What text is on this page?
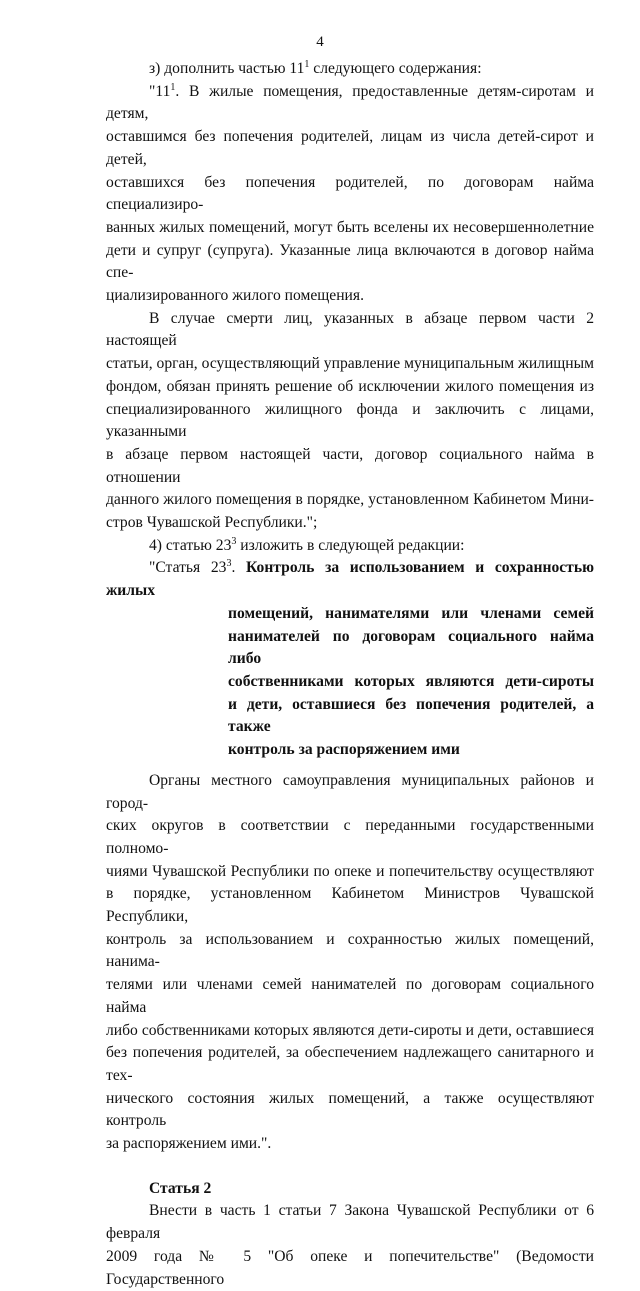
4

з) дополнить частью $11^1$ следующего содержания:

"$11^1$. В жилые помещения, предоставленные детям-сиротам и детям,

оставшимся без попечения родителей, лицам из числа детей-сирот и детей,

оставшихся без попечения родителей, по договорам найма специализиро-

ванных жилых помещений, могут быть вселены их несовершеннолетние

дети и супруг (супруга). Указанные лица включаются в договор найма спе-

циализированного жилого помещения.

В случае смерти лиц, указанных в абзаце первом части 2 настоящей

статьи, орган, осуществляющий управление муниципальным жилищным

фондом, обязан принять решение об исключении жилого помещения из

специализированного жилищного фонда и заключить с лицами, указанными

в абзаце первом настоящей части, договор социального найма в отношении

данного жилого помещения в порядке, установленном Кабинетом Мини-

стров Чувашской Республики.";

4) статью $23^3$ изложить в следующей редакции:

"Статья $23^3$. Контроль за использованием и сохранностью жилых

помещений, нанимателями или членами семей

нанимателей по договорам социального найма либо

собственниками которых являются дети-сироты

и дети, оставшиеся без попечения родителей, а также

контроль за распоряжением ими

Органы местного самоуправления муниципальных районов и город-

ских округов в соответствии с переданными государственными полномо-

чиями Чувашской Республики по опеке и попечительству осуществляют

в порядке, установленном Кабинетом Министров Чувашской Республики,

контроль за использованием и сохранностью жилых помещений, нанима-

телями или членами семей нанимателей по договорам социального найма

либо собственниками которых являются дети-сироты и дети, оставшиеся

без попечения родителей, за обеспечением надлежащего санитарного и тех-

нического состояния жилых помещений, а также осуществляют контроль

за распоряжением ими.".

Статья 2

Внести в часть 1 статьи 7 Закона Чувашской Республики от 6 февраля

2009 года № 5 "Об опеке и попечительстве" (Ведомости Государственного
